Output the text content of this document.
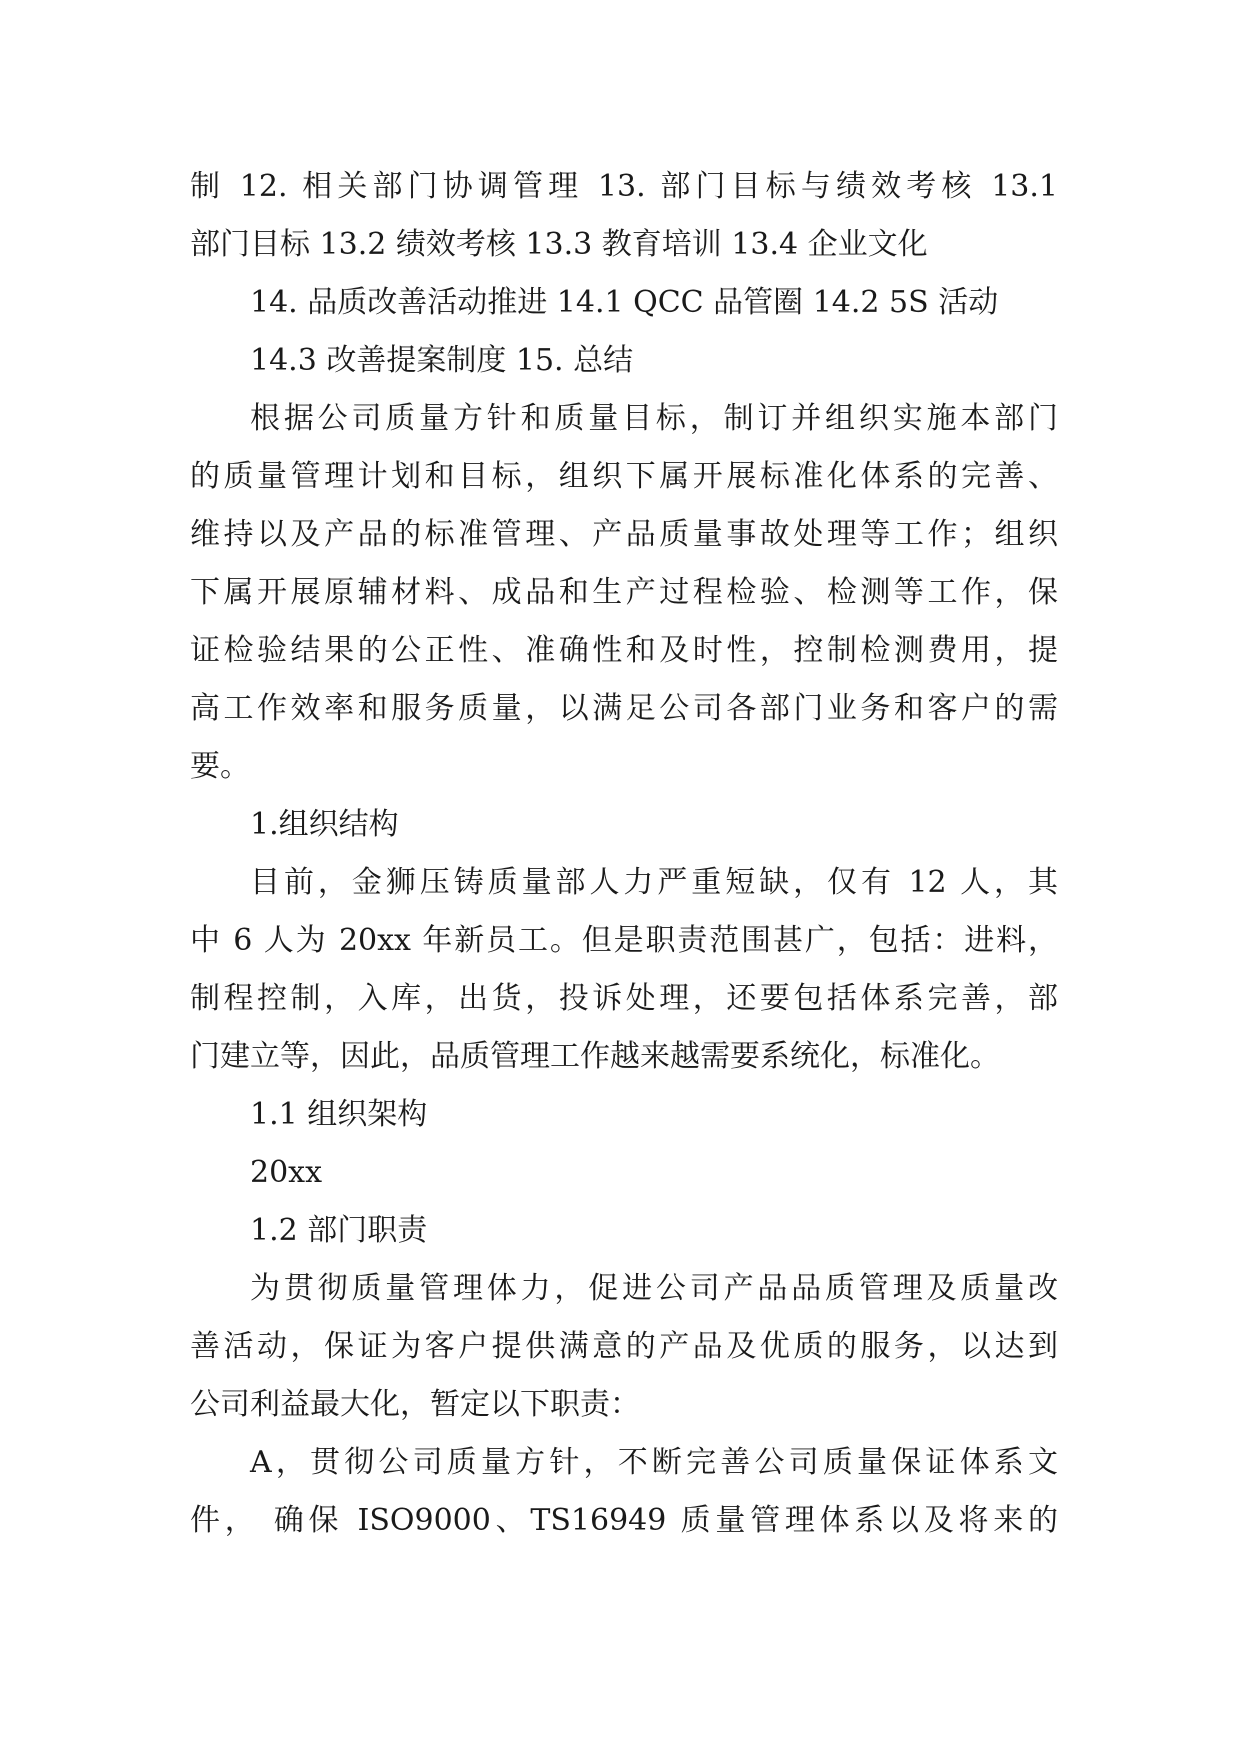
制 12. 相关部门协调管理 13. 部门目标与绩效考核 13.1
部门目标 13.2 绩效考核 13.3 教育培训 13.4 企业文化
14. 品质改善活动推进 14.1 QCC 品管圈 14.2 5S 活动
14.3 改善提案制度 15. 总结
根据公司质量方针和质量目标，制订并组织实施本部门
的质量管理计划和目标，组织下属开展标准化体系的完善、
维持以及产品的标准管理、产品质量事故处理等工作；组织
下属开展原辅材料、成品和生产过程检验、检测等工作，保
证检验结果的公正性、准确性和及时性，控制检测费用，提
高工作效率和服务质量，以满足公司各部门业务和客户的需
要。
1.组织结构
目前，金狮压铸质量部人力严重短缺，仅有 12 人，其
中 6 人为 20xx 年新员工。但是职责范围甚广，包括：进料，
制程控制，入库，出货，投诉处理，还要包括体系完善，部
门建立等，因此，品质管理工作越来越需要系统化，标准化。
1.1 组织架构
20xx
1.2 部门职责
为贯彻质量管理体力，促进公司产品品质管理及质量改
善活动，保证为客户提供满意的产品及优质的服务，以达到
公司利益最大化，暂定以下职责：
A，贯彻公司质量方针，不断完善公司质量保证体系文
件， 确保 ISO9000、TS16949 质量管理体系以及将来的
